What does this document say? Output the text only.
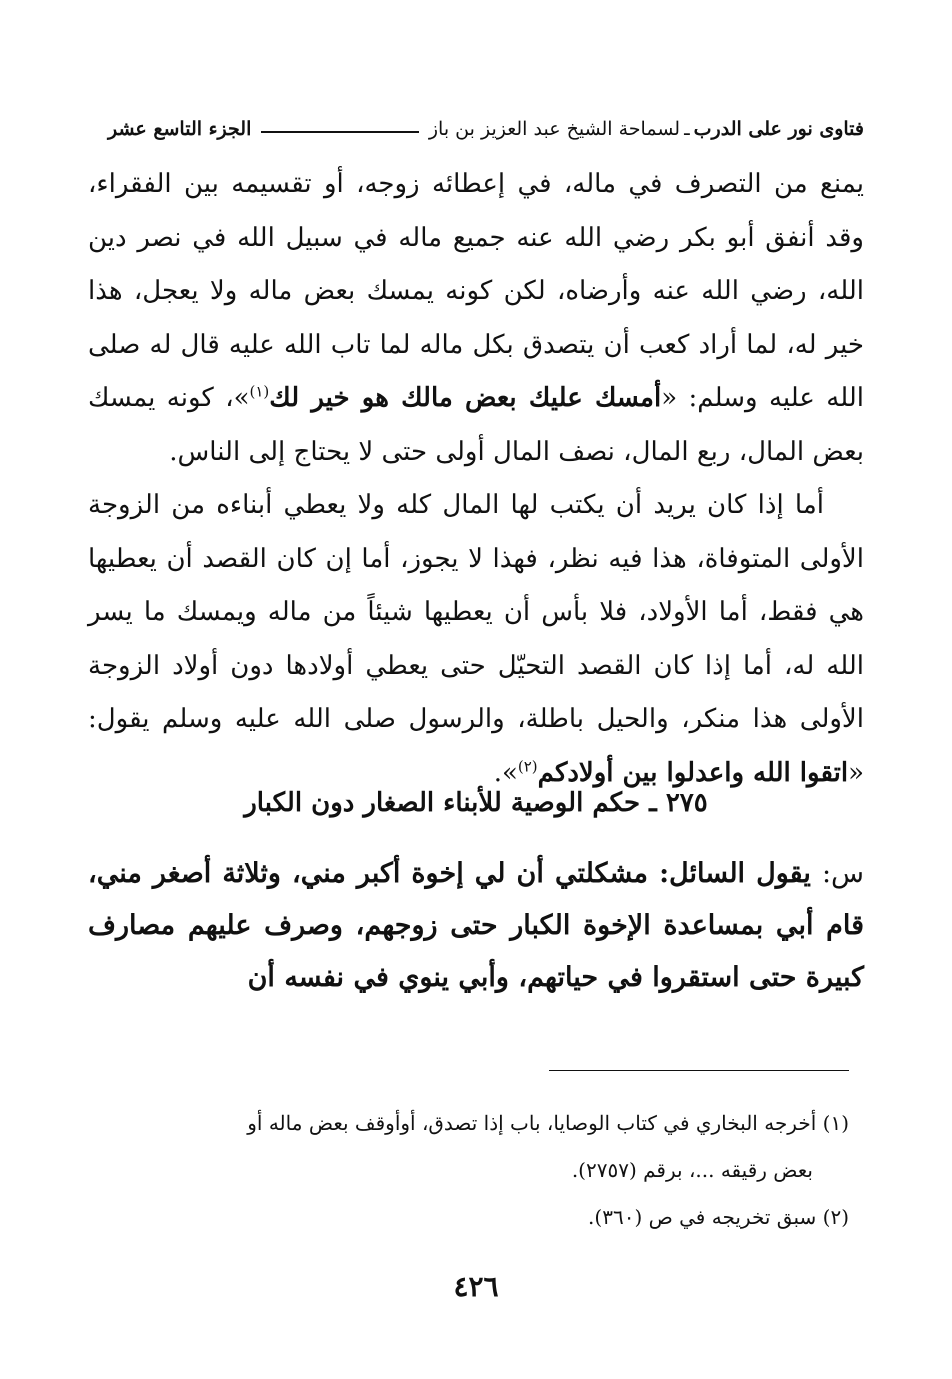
فتاوى نور على الدرب
ـ
لسماحة الشيخ عبد العزيز بن باز
الجزء التاسع عشر

يمنع من التصرف في ماله، في إعطائه زوجه، أو تقسيمه بين الفقراء، وقد أنفق أبو بكر رضي الله عنه جميع ماله في سبيل الله في نصر دين الله، رضي الله عنه وأرضاه، لكن كونه يمسك بعض ماله ولا يعجل، هذا خير له، لما أراد كعب أن يتصدق بكل ماله لما تاب الله عليه قال له صلى الله عليه وسلم: «أمسك عليك بعض مالك هو خير لك$^{(١)}$»، كونه يمسك بعض المال، ربع المال، نصف المال أولى حتى لا يحتاج إلى الناس.

أما إذا كان يريد أن يكتب لها المال كله ولا يعطي أبناءه من الزوجة الأولى المتوفاة، هذا فيه نظر، فهذا لا يجوز، أما إن كان القصد أن يعطيها هي فقط، أما الأولاد، فلا بأس أن يعطيها شيئاً من ماله ويمسك ما يسر الله له، أما إذا كان القصد التحيّل حتى يعطي أولادها دون أولاد الزوجة الأولى هذا منكر، والحيل باطلة، والرسول صلى الله عليه وسلم يقول: «اتقوا الله واعدلوا بين أولادكم$^{(٢)}$».

٢٧٥ ـ حكم الوصية للأبناء الصغار دون الكبار
س: يقول السائل: مشكلتي أن لي إخوة أكبر مني، وثلاثة أصغر مني، قام أبي بمساعدة الإخوة الكبار حتى زوجهم، وصرف عليهم مصارف كبيرة حتى استقروا في حياتهم، وأبي ينوي في نفسه أن

(١) أخرجه البخاري في كتاب الوصايا، باب إذا تصدق، أوأوقف بعض ماله أو

بعض رقيقه ...، برقم (٢٧٥٧).

(٢) سبق تخريجه في ص (٣٦٠).

٤٢٦
